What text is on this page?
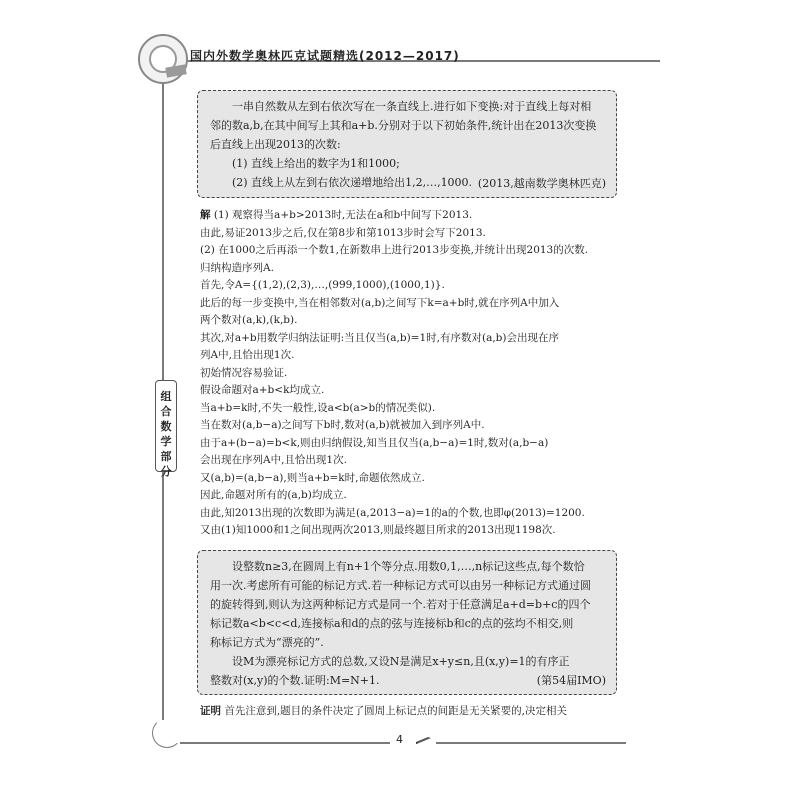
国内外数学奥林匹克试题精选(2012—2017)
组
合
数
学
部
分

一串自然数从左到右依次写在一条直线上.进行如下变换:对于直线上每对相

邻的数a,b,在其中间写上其和a+b.分别对于以下初始条件,统计出在2013次变换

后直线上出现2013的次数:

(1) 直线上给出的数字为1和1000;

(2) 直线上从左到右依次递增地给出1,2,…,1000. (2013,越南数学奥林匹克)

解 (1) 观察得当a+b>2013时,无法在a和b中间写下2013.

由此,易证2013步之后,仅在第8步和第1013步时会写下2013.

(2) 在1000之后再添一个数1,在新数串上进行2013步变换,并统计出现2013的次数.

归纳构造序列A.

首先,令A={(1,2),(2,3),…,(999,1000),(1000,1)}.

此后的每一步变换中,当在相邻数对(a,b)之间写下k=a+b时,就在序列A中加入

两个数对(a,k),(k,b).

其次,对a+b用数学归纳法证明:当且仅当(a,b)=1时,有序数对(a,b)会出现在序

列A中,且恰出现1次.

初始情况容易验证.

假设命题对a+b<k均成立.

当a+b=k时,不失一般性,设a<b(a>b的情况类似).

当在数对(a,b−a)之间写下b时,数对(a,b)就被加入到序列A中.

由于a+(b−a)=b<k,则由归纳假设,知当且仅当(a,b−a)=1时,数对(a,b−a)

会出现在序列A中,且恰出现1次.

又(a,b)=(a,b−a),则当a+b=k时,命题依然成立.

因此,命题对所有的(a,b)均成立.

由此,知2013出现的次数即为满足(a,2013−a)=1的a的个数,也即φ(2013)=1200.

又由(1)知1000和1之间出现两次2013,则最终题目所求的2013出现1198次.

设整数n≥3,在圆周上有n+1个等分点.用数0,1,…,n标记这些点,每个数恰

用一次.考虑所有可能的标记方式.若一种标记方式可以由另一种标记方式通过圆

的旋转得到,则认为这两种标记方式是同一个.若对于任意满足a+d=b+c的四个

标记数a<b<c<d,连接标a和d的点的弦与连接标b和c的点的弦均不相交,则

称标记方式为“漂亮的”.

设M为漂亮标记方式的总数,又设N是满足x+y≤n,且(x,y)=1的有序正

整数对(x,y)的个数.证明:M=N+1.	(第54届IMO)

证明 首先注意到,题目的条件决定了圆周上标记点的间距是无关紧要的,决定相关

4
